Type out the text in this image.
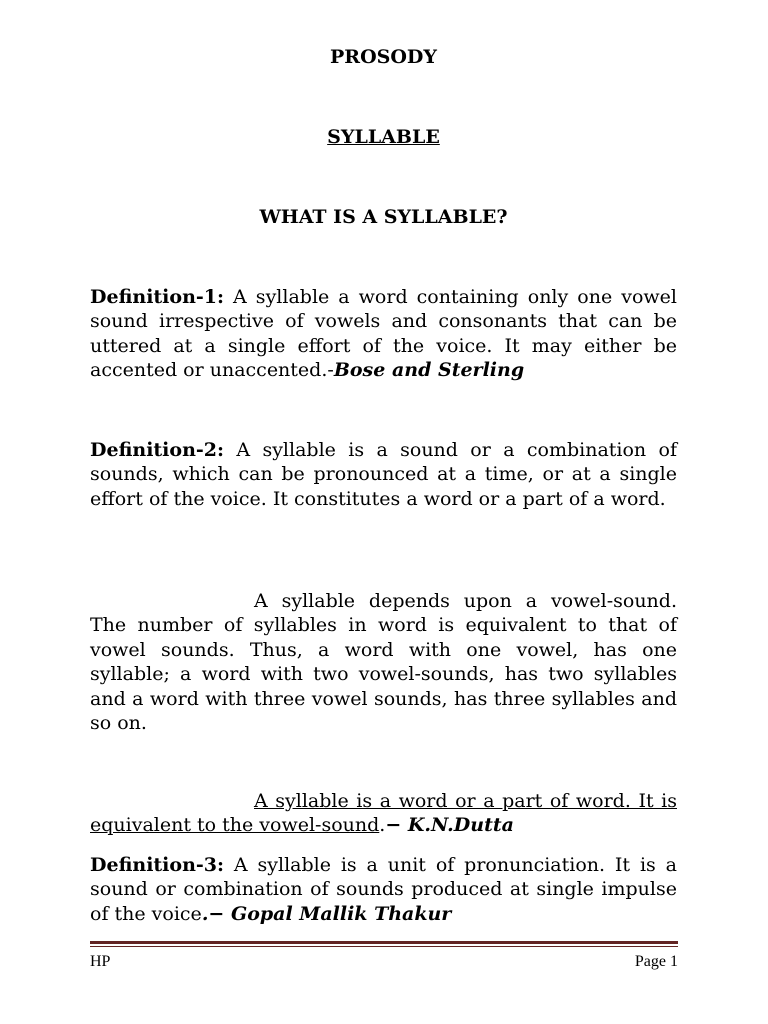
PROSODY
SYLLABLE
WHAT IS A SYLLABLE?
Definition-1: A syllable a word containing only one vowel sound irrespective of vowels and consonants that can be uttered at a single effort of the voice. It may either be accented or unaccented.-Bose and Sterling
Definition-2: A syllable is a sound or a combination of sounds, which can be pronounced at a time, or at a single effort of the voice. It constitutes a word or a part of a word.
A syllable depends upon a vowel-sound. The number of syllables in word is equivalent to that of vowel sounds. Thus, a word with one vowel, has one syllable; a word with two vowel-sounds, has two syllables and a word with three vowel sounds, has three syllables and so on.
A syllable is a word or a part of word. It is equivalent to the vowel-sound.− K.N.Dutta
Definition-3: A syllable is a unit of pronunciation. It is a sound or combination of sounds produced at single impulse of the voice.− Gopal Mallik Thakur
HP	Page 1
